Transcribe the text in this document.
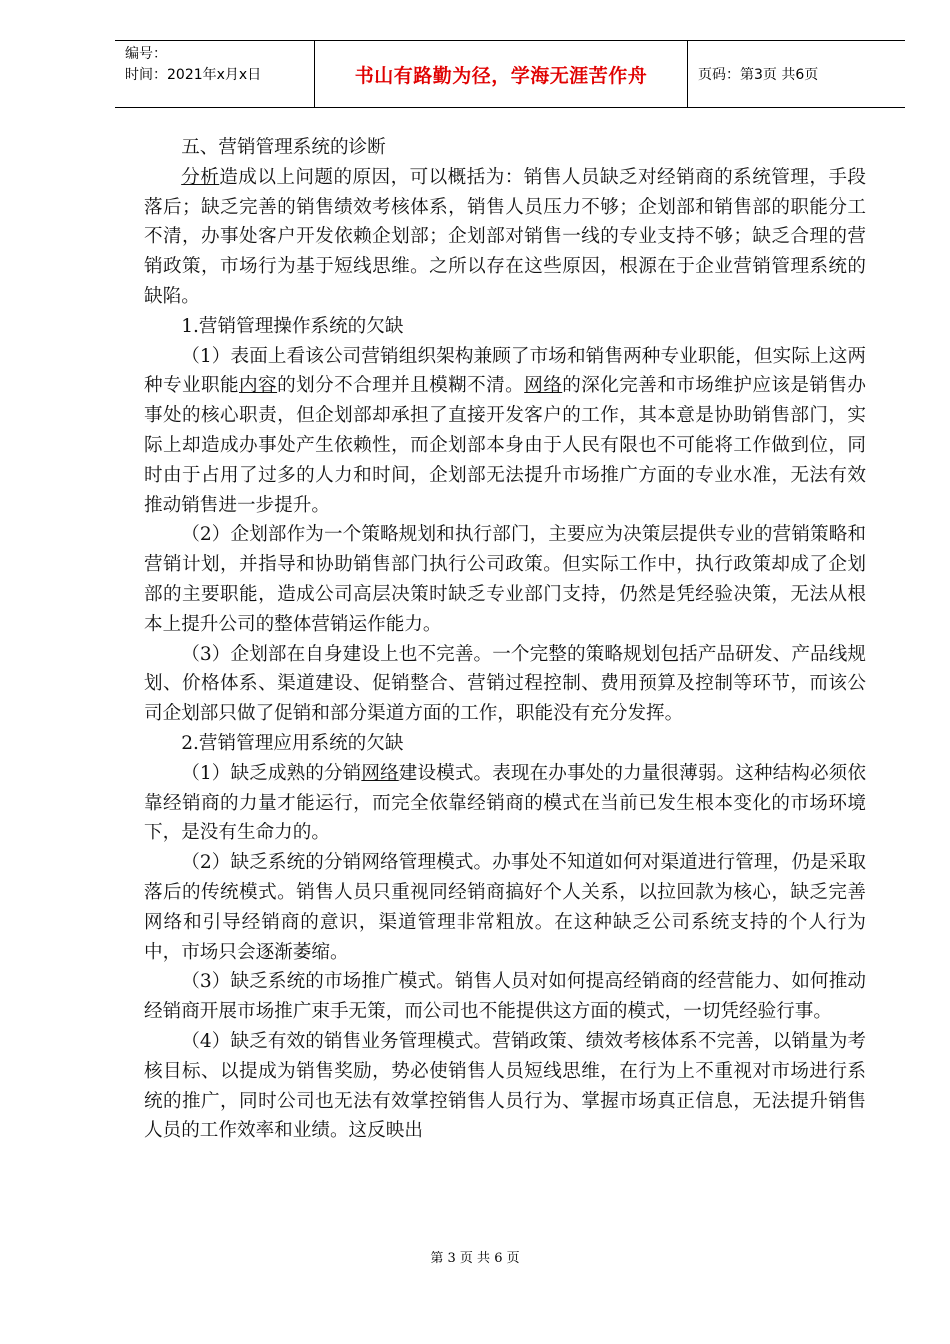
编号：
时间：2021年x月x日	书山有路勤为径，学海无涯苦作舟	页码：第3页 共6页

五、营销管理系统的诊断

分析造成以上问题的原因，可以概括为：销售人员缺乏对经销商的系统管理，手段落后；缺乏完善的销售绩效考核体系，销售人员压力不够；企划部和销售部的职能分工不清，办事处客户开发依赖企划部；企划部对销售一线的专业支持不够；缺乏合理的营销政策，市场行为基于短线思维。之所以存在这些原因，根源在于企业营销管理系统的缺陷。

1.营销管理操作系统的欠缺

（1）表面上看该公司营销组织架构兼顾了市场和销售两种专业职能，但实际上这两种专业职能内容的划分不合理并且模糊不清。网络的深化完善和市场维护应该是销售办事处的核心职责，但企划部却承担了直接开发客户的工作，其本意是协助销售部门，实际上却造成办事处产生依赖性，而企划部本身由于人民有限也不可能将工作做到位，同时由于占用了过多的人力和时间，企划部无法提升市场推广方面的专业水准，无法有效推动销售进一步提升。

（2）企划部作为一个策略规划和执行部门，主要应为决策层提供专业的营销策略和营销计划，并指导和协助销售部门执行公司政策。但实际工作中，执行政策却成了企划部的主要职能，造成公司高层决策时缺乏专业部门支持，仍然是凭经验决策，无法从根本上提升公司的整体营销运作能力。

（3）企划部在自身建设上也不完善。一个完整的策略规划包括产品研发、产品线规划、价格体系、渠道建设、促销整合、营销过程控制、费用预算及控制等环节，而该公司企划部只做了促销和部分渠道方面的工作，职能没有充分发挥。

2.营销管理应用系统的欠缺

（1）缺乏成熟的分销网络建设模式。表现在办事处的力量很薄弱。这种结构必须依靠经销商的力量才能运行，而完全依靠经销商的模式在当前已发生根本变化的市场环境下，是没有生命力的。

（2）缺乏系统的分销网络管理模式。办事处不知道如何对渠道进行管理，仍是采取落后的传统模式。销售人员只重视同经销商搞好个人关系，以拉回款为核心，缺乏完善网络和引导经销商的意识，渠道管理非常粗放。在这种缺乏公司系统支持的个人行为中，市场只会逐渐萎缩。

（3）缺乏系统的市场推广模式。销售人员对如何提高经销商的经营能力、如何推动经销商开展市场推广束手无策，而公司也不能提供这方面的模式，一切凭经验行事。

（4）缺乏有效的销售业务管理模式。营销政策、绩效考核体系不完善，以销量为考核目标、以提成为销售奖励，势必使销售人员短线思维，在行为上不重视对市场进行系统的推广，同时公司也无法有效掌控销售人员行为、掌握市场真正信息，无法提升销售人员的工作效率和业绩。这反映出

第 3 页 共 6 页
